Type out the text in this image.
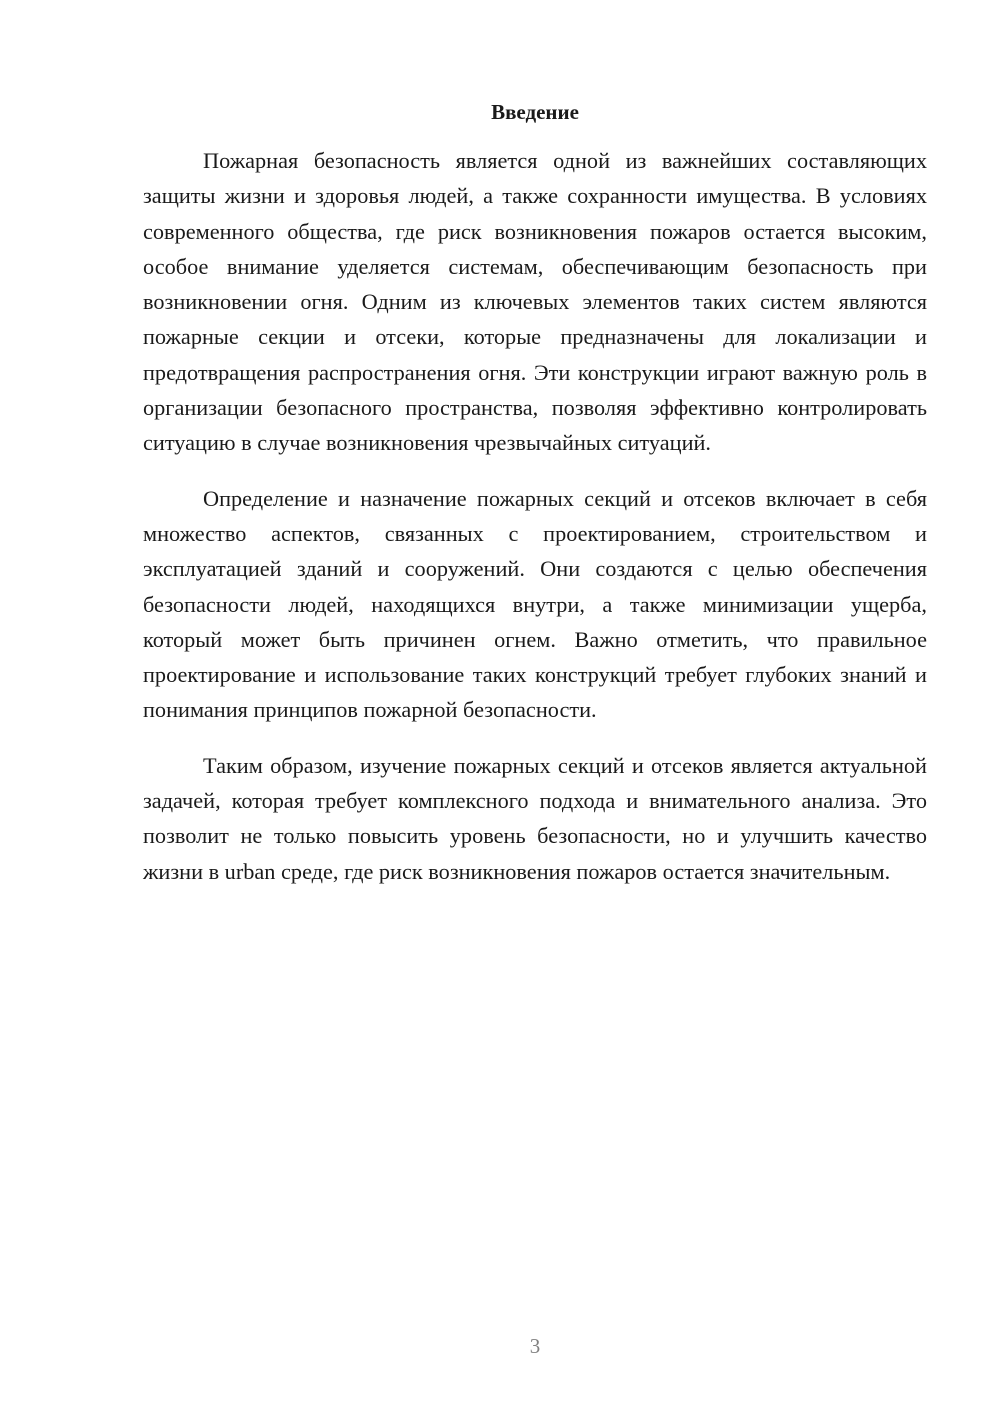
Введение

Пожарная безопасность является одной из важнейших составляющих защиты жизни и здоровья людей, а также сохранности имущества. В условиях современного общества, где риск возникновения пожаров остается высоким, особое внимание уделяется системам, обеспечивающим безопасность при возникновении огня. Одним из ключевых элементов таких систем являются пожарные секции и отсеки, которые предназначены для локализации и предотвращения распространения огня. Эти конструкции играют важную роль в организации безопасного пространства, позволяя эффективно контролировать ситуацию в случае возникновения чрезвычайных ситуаций.

Определение и назначение пожарных секций и отсеков включает в себя множество аспектов, связанных с проектированием, строительством и эксплуатацией зданий и сооружений. Они создаются с целью обеспечения безопасности людей, находящихся внутри, а также минимизации ущерба, который может быть причинен огнем. Важно отметить, что правильное проектирование и использование таких конструкций требует глубоких знаний и понимания принципов пожарной безопасности.

Таким образом, изучение пожарных секций и отсеков является актуальной задачей, которая требует комплексного подхода и внимательного анализа. Это позволит не только повысить уровень безопасности, но и улучшить качество жизни в urban среде, где риск возникновения пожаров остается значительным.

3
